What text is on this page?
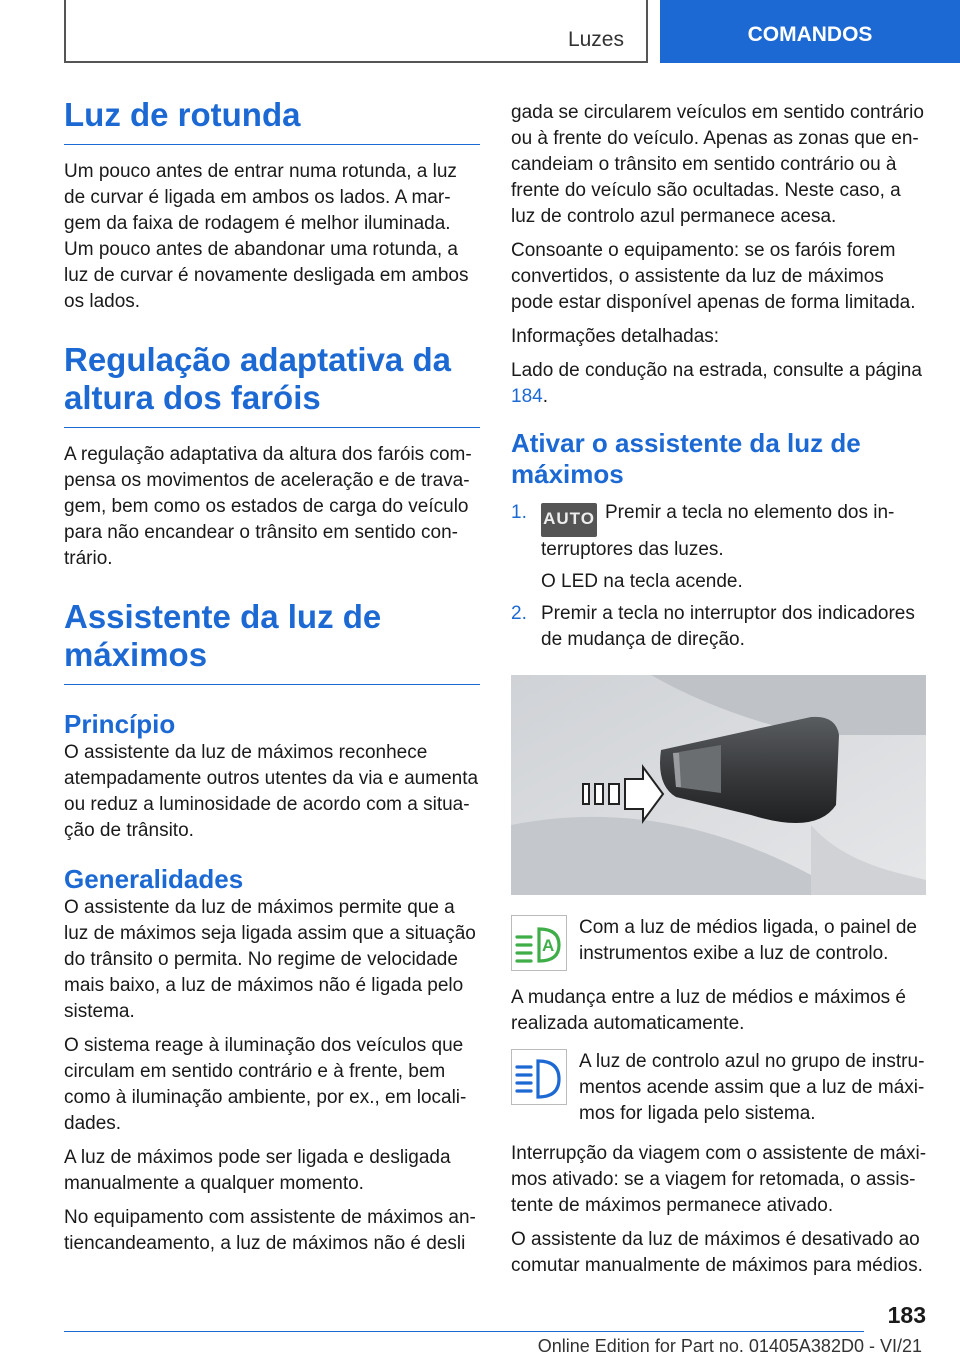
Luzes	COMANDOS
Luz de rotunda

Um pouco antes de entrar numa rotunda, a luz de curvar é ligada em ambos os lados. A margem da faixa de rodagem é melhor iluminada. Um pouco antes de abandonar uma rotunda, a luz de curvar é novamente desligada em ambos os lados.

Regulação adaptativa da altura dos faróis

A regulação adaptativa da altura dos faróis compensa os movimentos de aceleração e de travagem, bem como os estados de carga do veículo para não encandear o trânsito em sentido contrário.

Assistente da luz de máximos
Princípio

O assistente da luz de máximos reconhece atempadamente outros utentes da via e aumenta ou reduz a luminosidade de acordo com a situação de trânsito.

Generalidades

O assistente da luz de máximos permite que a luz de máximos seja ligada assim que a situação do trânsito o permita. No regime de velocidade mais baixo, a luz de máximos não é ligada pelo sistema.

O sistema reage à iluminação dos veículos que circulam em sentido contrário e à frente, bem como à iluminação ambiente, por ex., em localidades.

A luz de máximos pode ser ligada e desligada manualmente a qualquer momento.

No equipamento com assistente de máximos antiencandeamento, a luz de máximos não é desli

gada se circularem veículos em sentido contrário ou à frente do veículo. Apenas as zonas que encandeiam o trânsito em sentido contrário ou à frente do veículo são ocultadas. Neste caso, a luz de controlo azul permanece acesa.

Consoante o equipamento: se os faróis forem convertidos, o assistente da luz de máximos pode estar disponível apenas de forma limitada.

Informações detalhadas:

Lado de condução na estrada, consulte a página 184.

Ativar o assistente da luz de máximos
1. AUTO Premir a tecla no elemento dos interruptores das luzes.
O LED na tecla acende.
2. Premir a tecla no interruptor dos indicadores de mudança de direção.
A

Com a luz de médios ligada, o painel de instrumentos exibe a luz de controlo.

A mudança entre a luz de médios e máximos é realizada automaticamente.

A luz de controlo azul no grupo de instrumentos acende assim que a luz de máximos for ligada pelo sistema.

Interrupção da viagem com o assistente de máximos ativado: se a viagem for retomada, o assistente de máximos permanece ativado.

O assistente da luz de máximos é desativado ao comutar manualmente de máximos para médios.

183
Online Edition for Part no. 01405A382D0 - VI/21
